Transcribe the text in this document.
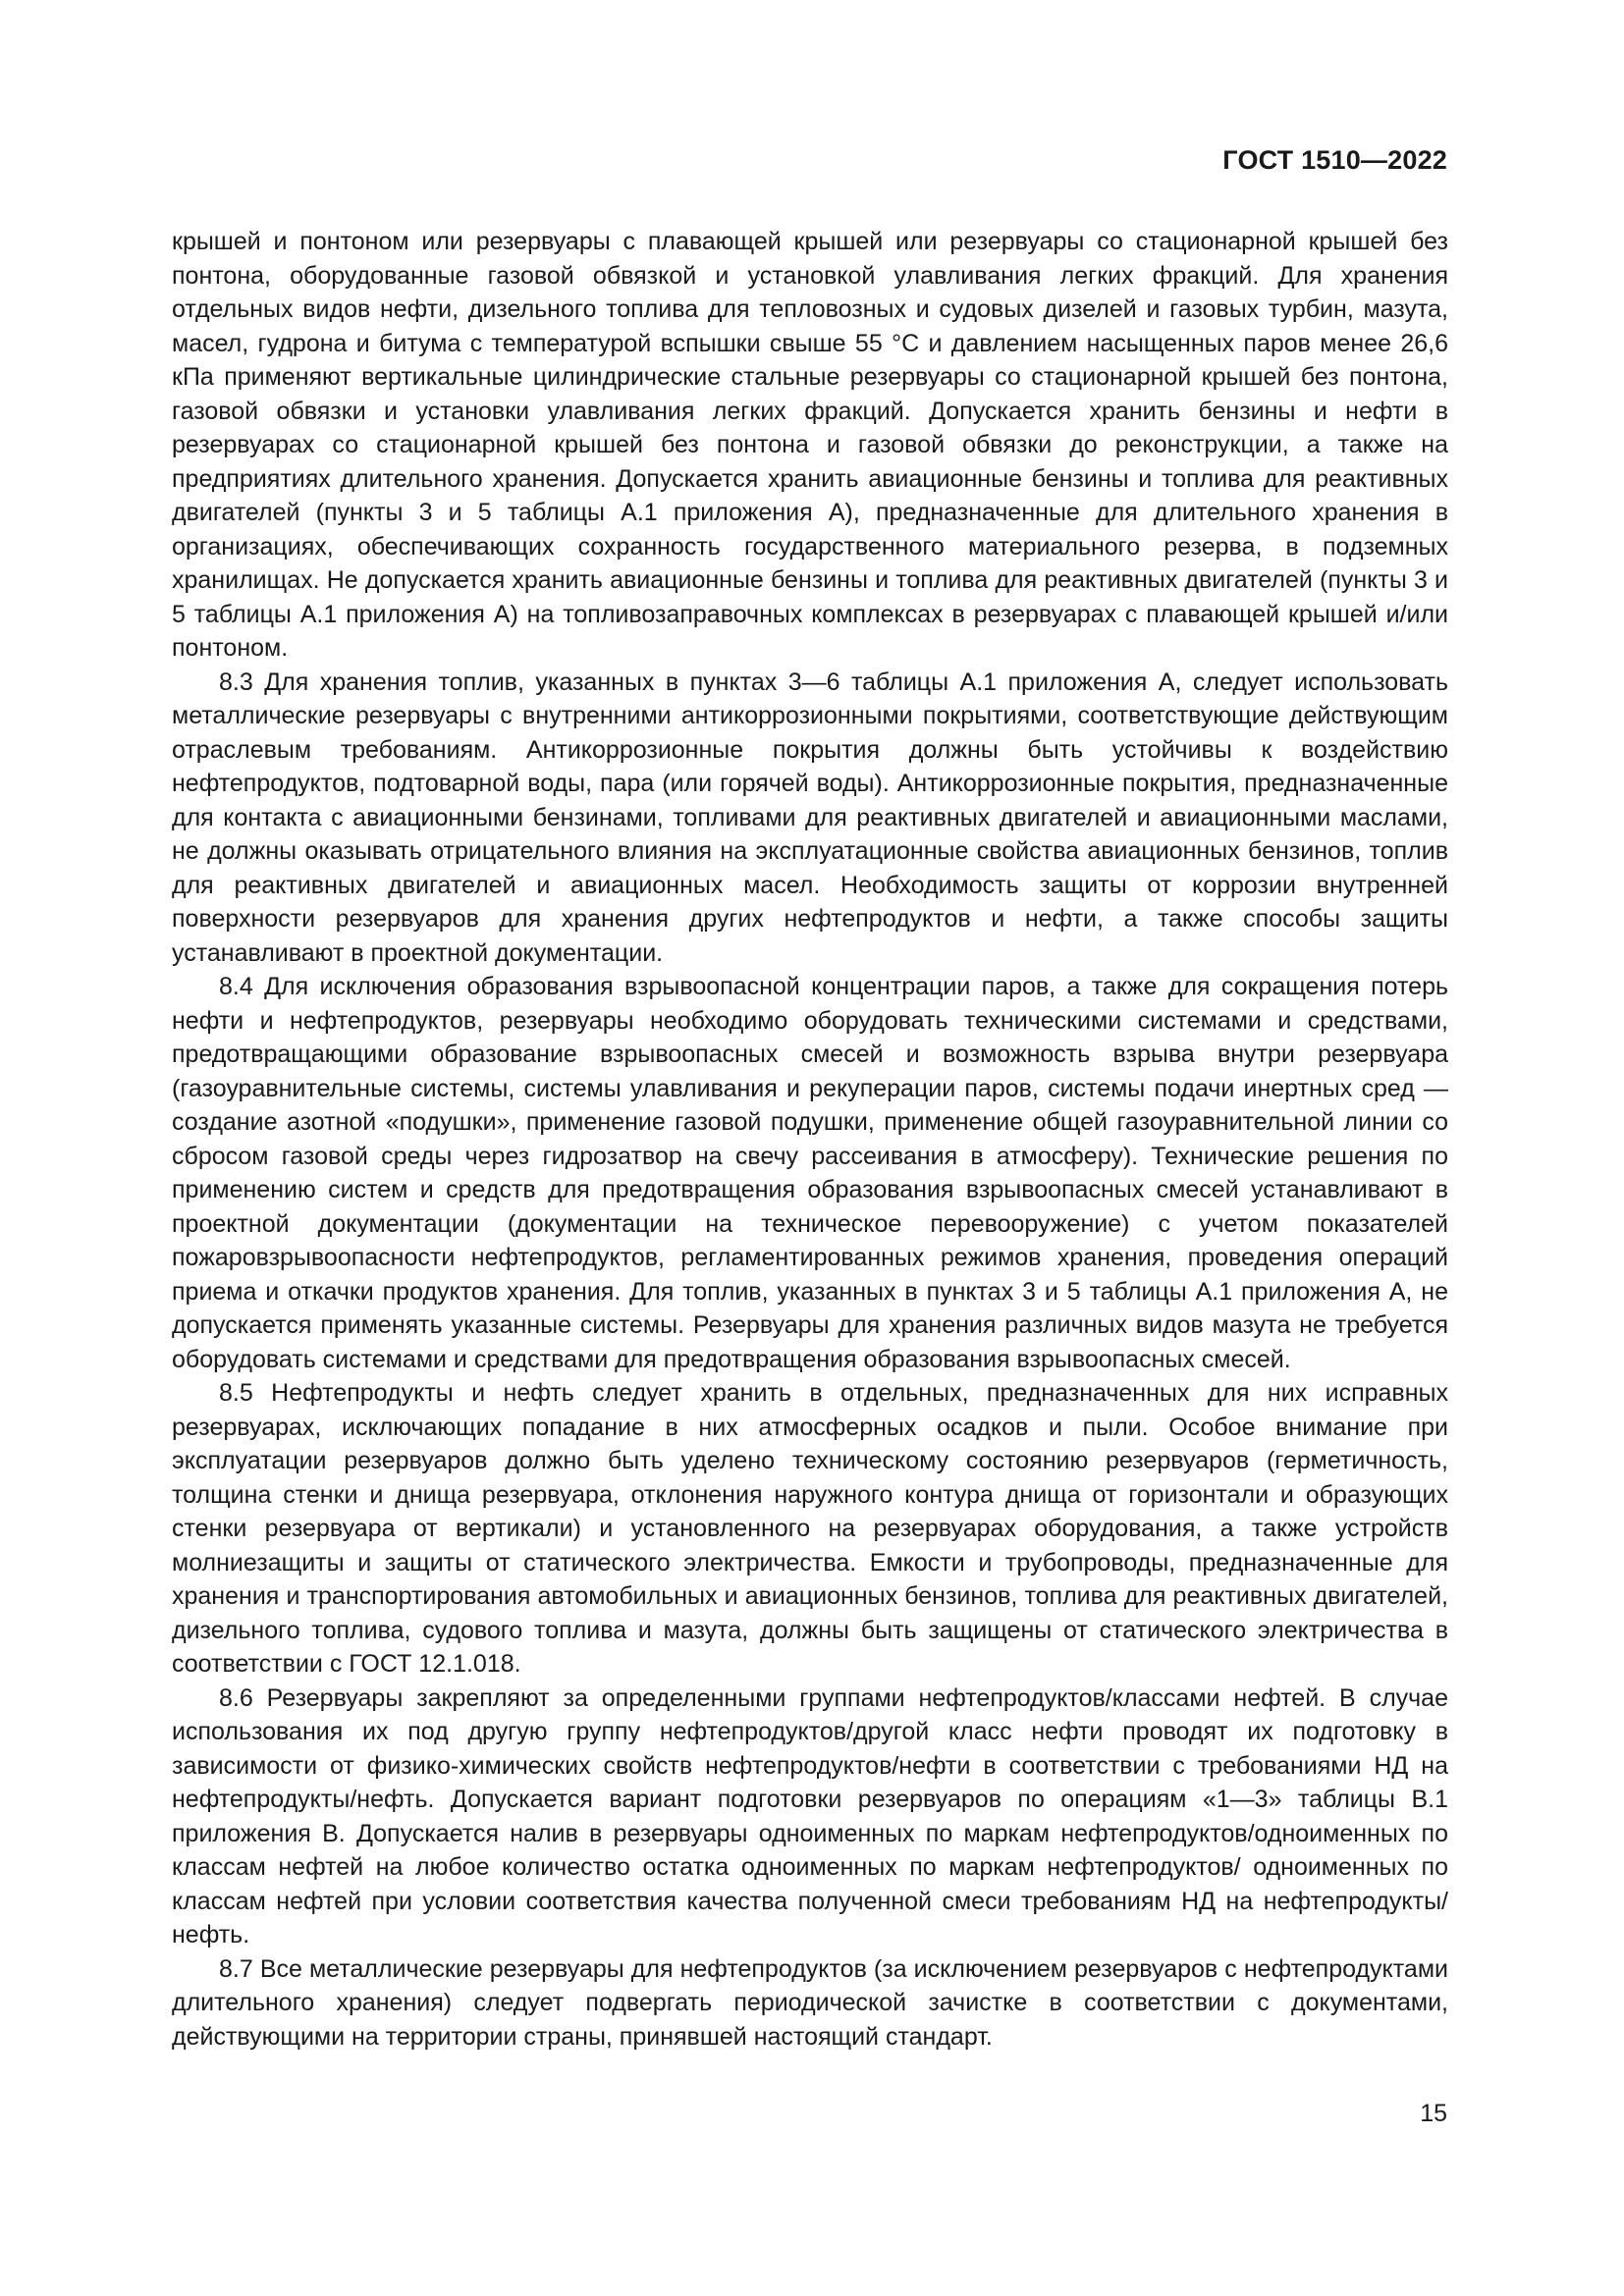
ГОСТ 1510—2022

крышей и понтоном или резервуары с плавающей крышей или резервуары со стационарной крышей без понтона, оборудованные газовой обвязкой и установкой улавливания легких фракций. Для хранения отдельных видов нефти, дизельного топлива для тепловозных и судовых дизелей и газовых турбин, мазута, масел, гудрона и битума с температурой вспышки свыше 55 °C и давлением насыщенных паров менее 26,6 кПа применяют вертикальные цилиндрические стальные резервуары со стационарной крышей без понтона, газовой обвязки и установки улавливания легких фракций. Допускается хранить бензины и нефти в резервуарах со стационарной крышей без понтона и газовой обвязки до реконструкции, а также на предприятиях длительного хранения. Допускается хранить авиационные бензины и топлива для реактивных двигателей (пункты 3 и 5 таблицы А.1 приложения А), предназначенные для длительного хранения в организациях, обеспечивающих сохранность государственного материального резерва, в подземных хранилищах. Не допускается хранить авиационные бензины и топлива для реактивных двигателей (пункты 3 и 5 таблицы А.1 приложения А) на топливозаправочных комплексах в резервуарах с плавающей крышей и/или понтоном.

8.3 Для хранения топлив, указанных в пунктах 3—6 таблицы А.1 приложения А, следует использовать металлические резервуары с внутренними антикоррозионными покрытиями, соответствующие действующим отраслевым требованиям. Антикоррозионные покрытия должны быть устойчивы к воздействию нефтепродуктов, подтоварной воды, пара (или горячей воды). Антикоррозионные покрытия, предназначенные для контакта с авиационными бензинами, топливами для реактивных двигателей и авиационными маслами, не должны оказывать отрицательного влияния на эксплуатационные свойства авиационных бензинов, топлив для реактивных двигателей и авиационных масел. Необходимость защиты от коррозии внутренней поверхности резервуаров для хранения других нефтепродуктов и нефти, а также способы защиты устанавливают в проектной документации.

8.4 Для исключения образования взрывоопасной концентрации паров, а также для сокращения потерь нефти и нефтепродуктов, резервуары необходимо оборудовать техническими системами и средствами, предотвращающими образование взрывоопасных смесей и возможность взрыва внутри резервуара (газоуравнительные системы, системы улавливания и рекуперации паров, системы подачи инертных сред — создание азотной «подушки», применение газовой подушки, применение общей газоуравнительной линии со сбросом газовой среды через гидрозатвор на свечу рассеивания в атмосферу). Технические решения по применению систем и средств для предотвращения образования взрывоопасных смесей устанавливают в проектной документации (документации на техническое перевооружение) с учетом показателей пожаровзрывоопасности нефтепродуктов, регламентированных режимов хранения, проведения операций приема и откачки продуктов хранения. Для топлив, указанных в пунктах 3 и 5 таблицы А.1 приложения А, не допускается применять указанные системы. Резервуары для хранения различных видов мазута не требуется оборудовать системами и средствами для предотвращения образования взрывоопасных смесей.

8.5 Нефтепродукты и нефть следует хранить в отдельных, предназначенных для них исправных резервуарах, исключающих попадание в них атмосферных осадков и пыли. Особое внимание при эксплуатации резервуаров должно быть уделено техническому состоянию резервуаров (герметичность, толщина стенки и днища резервуара, отклонения наружного контура днища от горизонтали и образующих стенки резервуара от вертикали) и установленного на резервуарах оборудования, а также устройств молниезащиты и защиты от статического электричества. Емкости и трубопроводы, предназначенные для хранения и транспортирования автомобильных и авиационных бензинов, топлива для реактивных двигателей, дизельного топлива, судового топлива и мазута, должны быть защищены от статического электричества в соответствии с ГОСТ 12.1.018.

8.6 Резервуары закрепляют за определенными группами нефтепродуктов/классами нефтей. В случае использования их под другую группу нефтепродуктов/другой класс нефти проводят их подготовку в зависимости от физико-химических свойств нефтепродуктов/нефти в соответствии с требованиями НД на нефтепродукты/нефть. Допускается вариант подготовки резервуаров по операциям «1—3» таблицы В.1 приложения В. Допускается налив в резервуары одноименных по маркам нефтепродуктов/одноименных по классам нефтей на любое количество остатка одноименных по маркам нефтепродуктов/ одноименных по классам нефтей при условии соответствия качества полученной смеси требованиям НД на нефтепродукты/нефть.

8.7 Все металлические резервуары для нефтепродуктов (за исключением резервуаров с нефтепродуктами длительного хранения) следует подвергать периодической зачистке в соответствии с документами, действующими на территории страны, принявшей настоящий стандарт.

15
